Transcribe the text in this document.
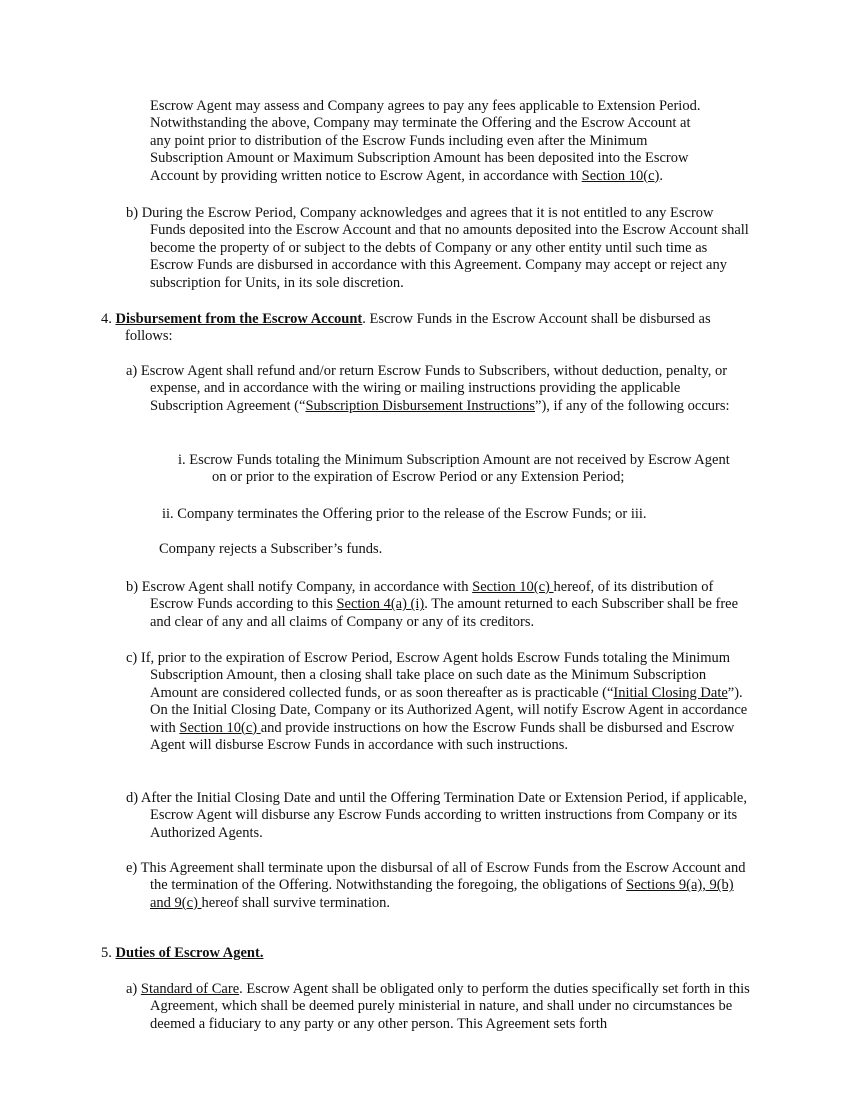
Escrow Agent may assess and Company agrees to pay any fees applicable to Extension Period.
Notwithstanding the above, Company may terminate the Offering and the Escrow Account at
any point prior to distribution of the Escrow Funds including even after the Minimum
Subscription Amount or Maximum Subscription Amount has been deposited into the Escrow
Account by providing written notice to Escrow Agent, in accordance with Section 10(c).

b) During the Escrow Period, Company acknowledges and agrees that it is not entitled to any Escrow Funds deposited into the Escrow Account and that no amounts deposited into the Escrow Account shall become the property of or subject to the debts of Company or any other entity until such time as Escrow Funds are disbursed in accordance with this Agreement. Company may accept or reject any subscription for Units, in its sole discretion.

4. Disbursement from the Escrow Account. Escrow Funds in the Escrow Account shall be disbursed as follows:

a) Escrow Agent shall refund and/or return Escrow Funds to Subscribers, without deduction, penalty, or expense, and in accordance with the wiring or mailing instructions providing the applicable Subscription Agreement (“Subscription Disbursement Instructions”), if any of the following occurs:

i. Escrow Funds totaling the Minimum Subscription Amount are not received by Escrow Agent on or prior to the expiration of Escrow Period or any Extension Period;

ii. Company terminates the Offering prior to the release of the Escrow Funds; or iii.

Company rejects a Subscriber’s funds.

b) Escrow Agent shall notify Company, in accordance with Section 10(c) hereof, of its distribution of Escrow Funds according to this Section 4(a) (i). The amount returned to each Subscriber shall be free and clear of any and all claims of Company or any of its creditors.

c) If, prior to the expiration of Escrow Period, Escrow Agent holds Escrow Funds totaling the Minimum Subscription Amount, then a closing shall take place on such date as the Minimum Subscription Amount are considered collected funds, or as soon thereafter as is practicable (“Initial Closing Date”). On the Initial Closing Date, Company or its Authorized Agent, will notify Escrow Agent in accordance with Section 10(c) and provide instructions on how the Escrow Funds shall be disbursed and Escrow Agent will disburse Escrow Funds in accordance with such instructions.

d) After the Initial Closing Date and until the Offering Termination Date or Extension Period, if applicable, Escrow Agent will disburse any Escrow Funds according to written instructions from Company or its Authorized Agents.

e) This Agreement shall terminate upon the disbursal of all of Escrow Funds from the Escrow Account and the termination of the Offering. Notwithstanding the foregoing, the obligations of Sections 9(a), 9(b) and 9(c) hereof shall survive termination.

5. Duties of Escrow Agent.

a) Standard of Care. Escrow Agent shall be obligated only to perform the duties specifically set forth in this Agreement, which shall be deemed purely ministerial in nature, and shall under no circumstances be deemed a fiduciary to any party or any other person. This Agreement sets forth
